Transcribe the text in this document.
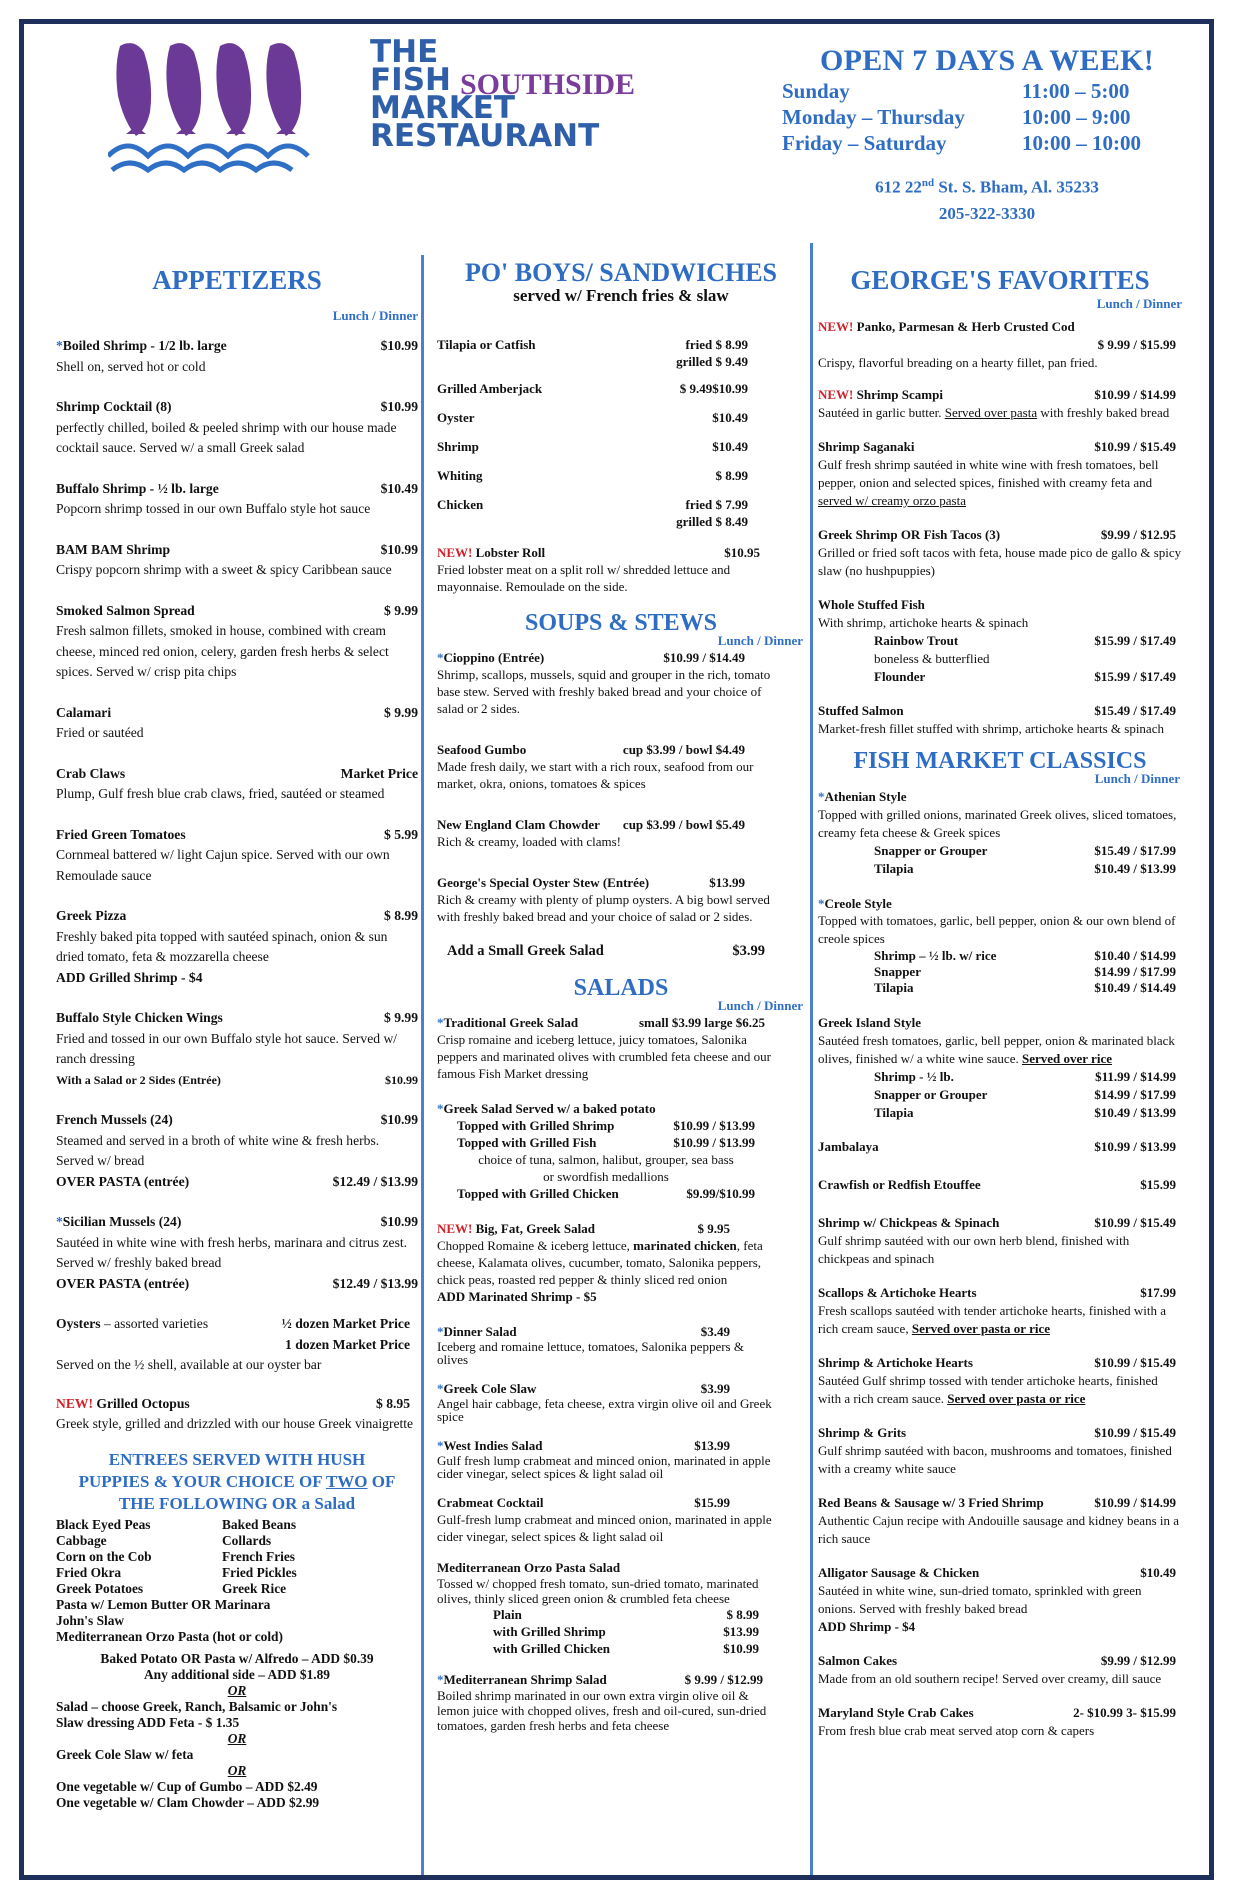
THE
FISH
MARKET
RESTAURANT
SOUTHSIDE
OPEN 7 DAYS A WEEK!
Sunday	11:00 – 5:00
Monday – Thursday	10:00 – 9:00
Friday – Saturday	10:00 – 10:00
612 22nd St. S. Bham, Al. 35233
205-322-3330
APPETIZERS
Lunch / Dinner
*Boiled Shrimp - 1/2 lb. large	$10.99
Shell on, served hot or cold
Shrimp Cocktail (8)	$10.99
perfectly chilled, boiled & peeled shrimp with our house made cocktail sauce. Served w/ a small Greek salad
Buffalo Shrimp - ½ lb. large	$10.49
Popcorn shrimp tossed in our own Buffalo style hot sauce
BAM BAM Shrimp	$10.99
Crispy popcorn shrimp with a sweet & spicy Caribbean sauce
Smoked Salmon Spread	$ 9.99
Fresh salmon fillets, smoked in house, combined with cream cheese, minced red onion, celery, garden fresh herbs & select spices. Served w/ crisp pita chips
Calamari	$ 9.99
Fried or sautéed
Crab Claws	Market Price
Plump, Gulf fresh blue crab claws, fried, sautéed or steamed
Fried Green Tomatoes	$ 5.99
Cornmeal battered w/ light Cajun spice. Served with our own Remoulade sauce
Greek Pizza	$ 8.99
Freshly baked pita topped with sautéed spinach, onion & sun dried tomato, feta & mozzarella cheese
ADD Grilled Shrimp - $4
Buffalo Style Chicken Wings	$ 9.99
Fried and tossed in our own Buffalo style hot sauce. Served w/ ranch dressing
With a Salad or 2 Sides (Entrée)	$10.99
French Mussels (24)	$10.99
Steamed and served in a broth of white wine & fresh herbs. Served w/ bread
OVER PASTA (entrée)	$12.49 / $13.99
*Sicilian Mussels (24)	$10.99
Sautéed in white wine with fresh herbs, marinara and citrus zest. Served w/ freshly baked bread
OVER PASTA (entrée)	$12.49 / $13.99
Oysters – assorted varieties	½ dozen Market Price
1 dozen Market Price
Served on the ½ shell, available at our oyster bar
NEW! Grilled Octopus	$ 8.95
Greek style, grilled and drizzled with our house Greek vinaigrette
ENTREES SERVED WITH HUSH
PUPPIES & YOUR CHOICE OF TWO OF
THE FOLLOWING OR a Salad
Black Eyed Peas	Baked Beans
Cabbage	Collards
Corn on the Cob	French Fries
Fried Okra	Fried Pickles
Greek Potatoes	Greek Rice
Pasta w/ Lemon Butter OR Marinara
John's Slaw
Mediterranean Orzo Pasta (hot or cold)
Baked Potato OR Pasta w/ Alfredo – ADD $0.39
Any additional side – ADD $1.89
OR
Salad – choose Greek, Ranch, Balsamic or John's
Slaw dressing ADD Feta - $ 1.35
OR
Greek Cole Slaw w/ feta
OR
One vegetable w/ Cup of Gumbo – ADD $2.49
One vegetable w/ Clam Chowder – ADD $2.99
PO' BOYS/ SANDWICHES
served w/ French fries & slaw
Tilapia or Catfish	fried $ 8.99
grilled $ 9.49
Grilled Amberjack	$ 9.49$10.99
Oyster	$10.49
Shrimp	$10.49
Whiting	$ 8.99
Chicken	fried $ 7.99
grilled $ 8.49
NEW! Lobster Roll	$10.95
Fried lobster meat on a split roll w/ shredded lettuce and mayonnaise. Remoulade on the side.
SOUPS & STEWS
Lunch / Dinner
*Cioppino (Entrée)	$10.99 / $14.49
Shrimp, scallops, mussels, squid and grouper in the rich, tomato base stew. Served with freshly baked bread and your choice of salad or 2 sides.
Seafood Gumbo	cup $3.99 / bowl $4.49
Made fresh daily, we start with a rich roux, seafood from our market, okra, onions, tomatoes & spices
New England Clam Chowder cup $3.99 / bowl $5.49
Rich & creamy, loaded with clams!
George's Special Oyster Stew (Entrée)	$13.99
Rich & creamy with plenty of plump oysters. A big bowl served with freshly baked bread and your choice of salad or 2 sides.
Add a Small Greek Salad	$3.99
SALADS
Lunch / Dinner
*Traditional Greek Salad	small $3.99 large $6.25
Crisp romaine and iceberg lettuce, juicy tomatoes, Salonika peppers and marinated olives with crumbled feta cheese and our famous Fish Market dressing
*Greek Salad Served w/ a baked potato
Topped with Grilled Shrimp	$10.99 / $13.99
Topped with Grilled Fish	$10.99 / $13.99
choice of tuna, salmon, halibut, grouper, sea bass
or swordfish medallions
Topped with Grilled Chicken	$9.99/$10.99
NEW! Big, Fat, Greek Salad	$ 9.95
Chopped Romaine & iceberg lettuce, marinated chicken, feta cheese, Kalamata olives, cucumber, tomato, Salonika peppers, chick peas, roasted red pepper & thinly sliced red onion
ADD Marinated Shrimp - $5
*Dinner Salad	$3.49
Iceberg and romaine lettuce, tomatoes, Salonika peppers & olives
*Greek Cole Slaw	$3.99
Angel hair cabbage, feta cheese, extra virgin olive oil and Greek spice
*West Indies Salad	$13.99
Gulf fresh lump crabmeat and minced onion, marinated in apple cider vinegar, select spices & light salad oil
Crabmeat Cocktail	$15.99
Gulf-fresh lump crabmeat and minced onion, marinated in apple cider vinegar, select spices & light salad oil
Mediterranean Orzo Pasta Salad
Tossed w/ chopped fresh tomato, sun-dried tomato, marinated olives, thinly sliced green onion & crumbled feta cheese
Plain	$ 8.99
with Grilled Shrimp	$13.99
with Grilled Chicken	$10.99
*Mediterranean Shrimp Salad	$ 9.99 / $12.99
Boiled shrimp marinated in our own extra virgin olive oil & lemon juice with chopped olives, fresh and oil-cured, sun-dried tomatoes, garden fresh herbs and feta cheese
GEORGE'S FAVORITES
Lunch / Dinner
NEW! Panko, Parmesan & Herb Crusted Cod
$ 9.99 / $15.99
Crispy, flavorful breading on a hearty fillet, pan fried.
NEW! Shrimp Scampi	$10.99 / $14.99
Sautéed in garlic butter. Served over pasta with freshly baked bread
Shrimp Saganaki	$10.99 / $15.49
Gulf fresh shrimp sautéed in white wine with fresh tomatoes, bell pepper, onion and selected spices, finished with creamy feta and served w/ creamy orzo pasta
Greek Shrimp OR Fish Tacos (3)	$9.99 / $12.95
Grilled or fried soft tacos with feta, house made pico de gallo & spicy slaw (no hushpuppies)
Whole Stuffed Fish
With shrimp, artichoke hearts & spinach
Rainbow Trout	$15.99 / $17.49
boneless & butterflied
Flounder	$15.99 / $17.49
Stuffed Salmon	$15.49 / $17.49
Market-fresh fillet stuffed with shrimp, artichoke hearts & spinach
FISH MARKET CLASSICS
Lunch / Dinner
*Athenian Style
Topped with grilled onions, marinated Greek olives, sliced tomatoes, creamy feta cheese & Greek spices
Snapper or Grouper	$15.49 / $17.99
Tilapia	$10.49 / $13.99
*Creole Style
Topped with tomatoes, garlic, bell pepper, onion & our own blend of creole spices
Shrimp – ½ lb. w/ rice	$10.40 / $14.99
Snapper	$14.99 / $17.99
Tilapia	$10.49 / $14.49
Greek Island Style
Sautéed fresh tomatoes, garlic, bell pepper, onion & marinated black olives, finished w/ a white wine sauce. Served over rice
Shrimp - ½ lb.	$11.99 / $14.99
Snapper or Grouper	$14.99 / $17.99
Tilapia	$10.49 / $13.99
Jambalaya	$10.99 / $13.99
Crawfish or Redfish Etouffee	$15.99
Shrimp w/ Chickpeas & Spinach	$10.99 / $15.49
Gulf shrimp sautéed with our own herb blend, finished with chickpeas and spinach
Scallops & Artichoke Hearts	$17.99
Fresh scallops sautéed with tender artichoke hearts, finished with a rich cream sauce, Served over pasta or rice
Shrimp & Artichoke Hearts	$10.99 / $15.49
Sautéed Gulf shrimp tossed with tender artichoke hearts, finished with a rich cream sauce. Served over pasta or rice
Shrimp & Grits	$10.99 / $15.49
Gulf shrimp sautéed with bacon, mushrooms and tomatoes, finished with a creamy white sauce
Red Beans & Sausage w/ 3 Fried Shrimp	$10.99 / $14.99
Authentic Cajun recipe with Andouille sausage and kidney beans in a rich sauce
Alligator Sausage & Chicken	$10.49
Sautéed in white wine, sun-dried tomato, sprinkled with green onions. Served with freshly baked bread
ADD Shrimp - $4
Salmon Cakes	$9.99 / $12.99
Made from an old southern recipe! Served over creamy, dill sauce
Maryland Style Crab Cakes	2- $10.99 3- $15.99
From fresh blue crab meat served atop corn & capers
